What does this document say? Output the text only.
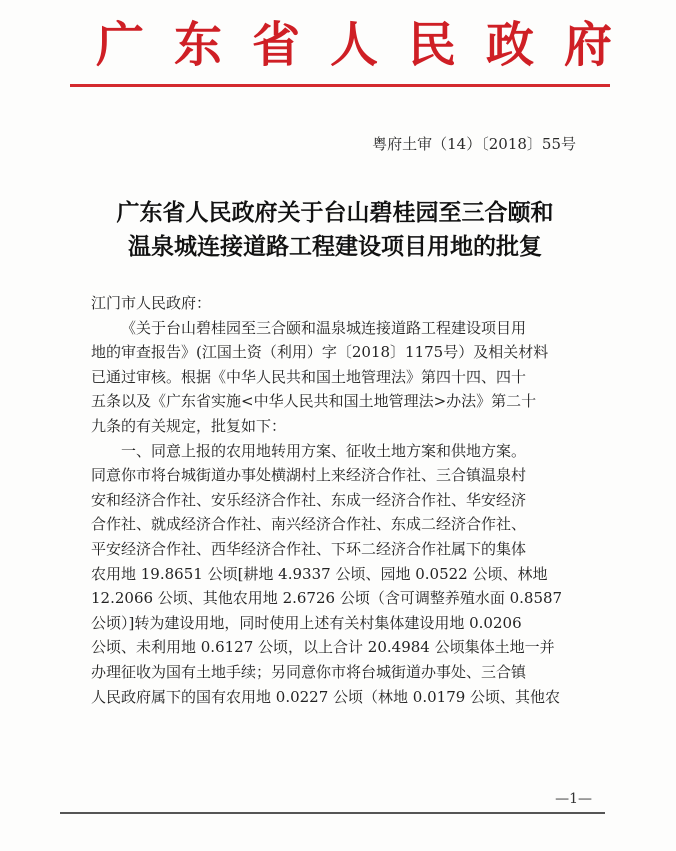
广东省人民政府
粤府土审（14）〔2018〕55号
广东省人民政府关于台山碧桂园至三合颐和
温泉城连接道路工程建设项目用地的批复
江门市人民政府：
《关于台山碧桂园至三合颐和温泉城连接道路工程建设项目用
地的审查报告》(江国土资（利用）字〔2018〕1175号）及相关材料
已通过审核。根据《中华人民共和国土地管理法》第四十四、四十
五条以及《广东省实施<中华人民共和国土地管理法>办法》第二十
九条的有关规定，批复如下：
一、同意上报的农用地转用方案、征收土地方案和供地方案。
同意你市将台城街道办事处横湖村上来经济合作社、三合镇温泉村
安和经济合作社、安乐经济合作社、东成一经济合作社、华安经济
合作社、就成经济合作社、南兴经济合作社、东成二经济合作社、
平安经济合作社、西华经济合作社、下环二经济合作社属下的集体
农用地 19.8651 公顷[耕地 4.9337 公顷、园地 0.0522 公顷、林地
12.2066 公顷、其他农用地 2.6726 公顷（含可调整养殖水面 0.8587
公顷）]转为建设用地，同时使用上述有关村集体建设用地 0.0206
公顷、未利用地 0.6127 公顷，以上合计 20.4984 公顷集体土地一并
办理征收为国有土地手续；另同意你市将台城街道办事处、三合镇
人民政府属下的国有农用地 0.0227 公顷（林地 0.0179 公顷、其他农
—1—
